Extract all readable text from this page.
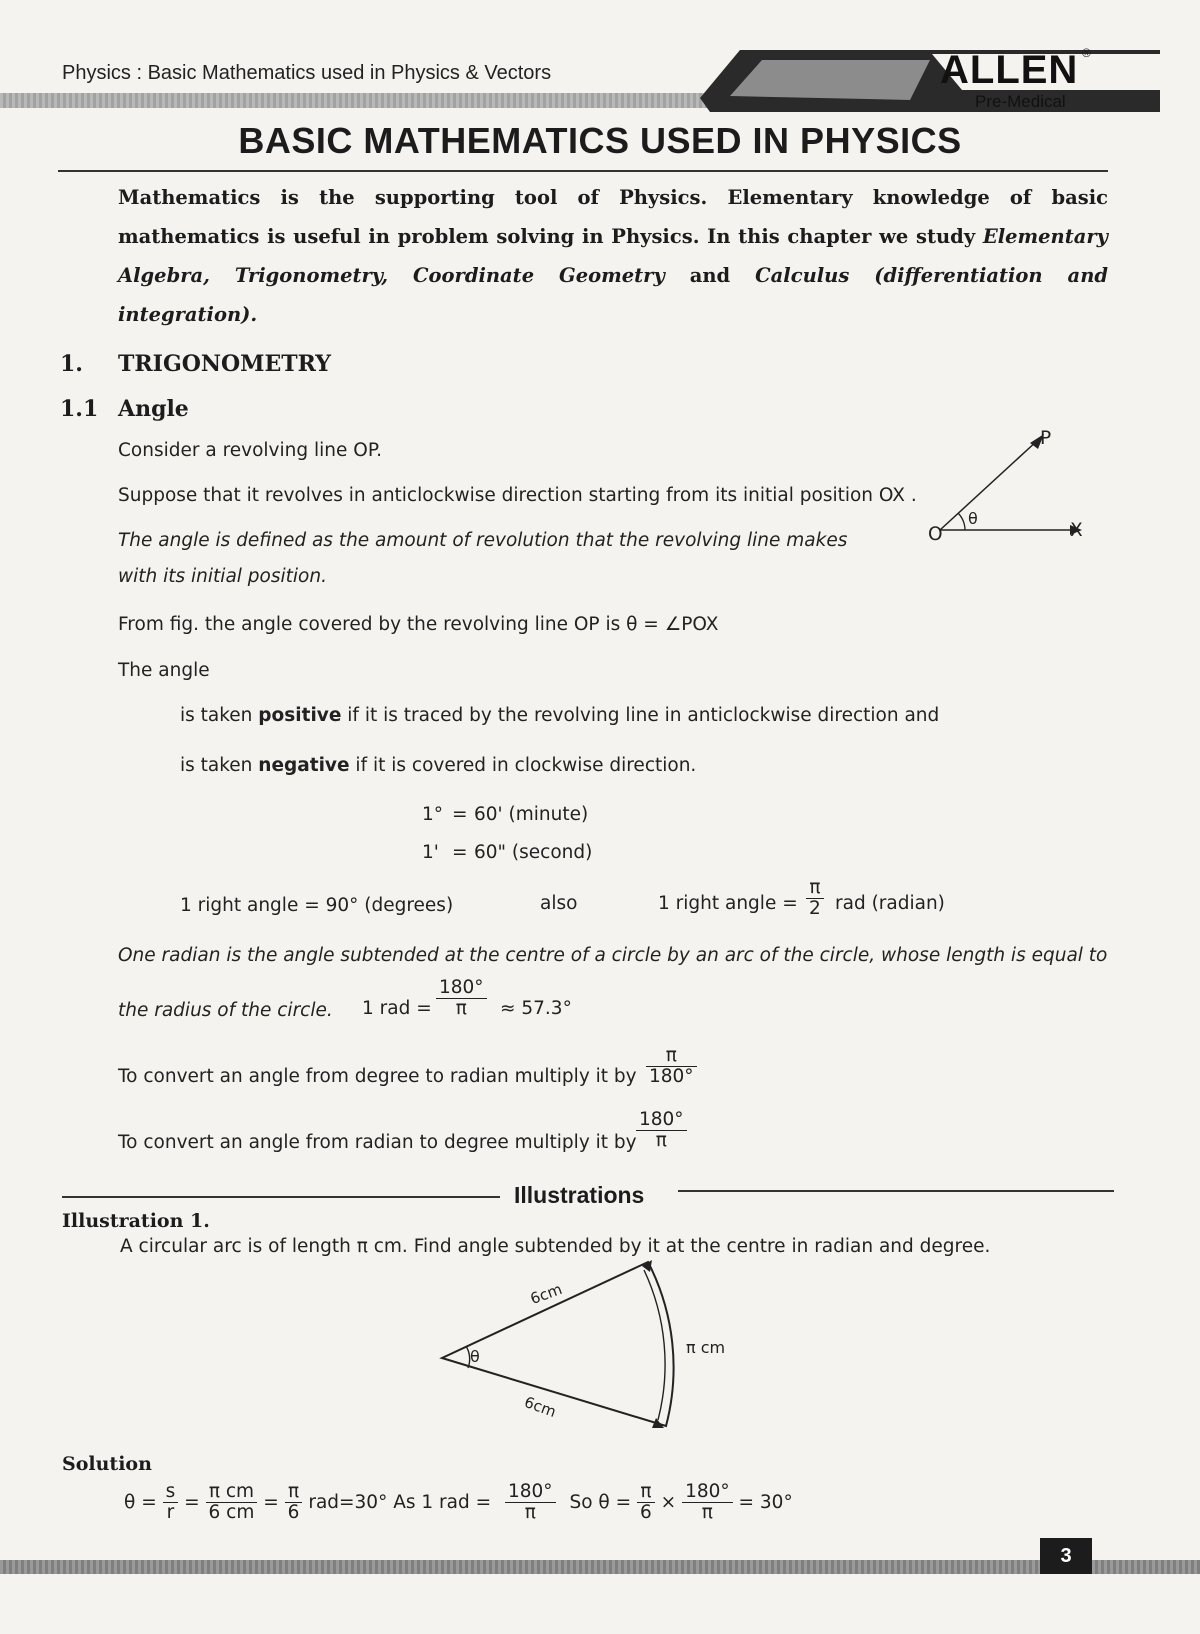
Physics : Basic Mathematics used in Physics & Vectors	ALLEN ®
Pre-Medical
BASIC MATHEMATICS USED IN PHYSICS
Mathematics is the supporting tool of Physics. Elementary knowledge of basic mathematics is useful in problem solving in Physics. In this chapter we study Elementary Algebra, Trigonometry, Coordinate Geometry and Calculus (differentiation and integration).
1. TRIGONOMETRY
1.1 Angle
Consider a revolving line OP.
Suppose that it revolves in anticlockwise direction starting from its initial position OX .
The angle is defined as the amount of revolution that the revolving line makes
with its initial position.
From fig. the angle covered by the revolving line OP is θ = ∠POX
The angle
is taken positive if it is traced by the revolving line in anticlockwise direction and
is taken negative if it is covered in clockwise direction.
P
O	X
θ
1° = 60' (minute)
1' = 60" (second)
1 right angle = 90° (degrees)	also	1 right angle = $\frac{\pi}{2}$ rad (radian)
One radian is the angle subtended at the centre of a circle by an arc of the circle, whose length is equal to
the radius of the circle. 1 rad = $\frac{180^\circ}{\pi} \approx 57.3^\circ$
To convert an angle from degree to radian multiply it by $\frac{\pi}{180^\circ}$
To convert an angle from radian to degree multiply it by $\frac{180^\circ}{\pi}$
Illustrations
Illustration 1.
A circular arc is of length π cm. Find angle subtended by it at the centre in radian and degree.
6cm
6cm
π cm
θ
Solution
$\theta = \frac{s}{r} = \frac{\text{π cm}}{6 cm} = \frac{\pi}{6} rad=30^\circ$ As 1 rad = $\frac{180^\circ}{\pi}$ So $\theta = \frac{\pi}{6} \times \frac{180^\circ}{\pi} = 30^\circ$
3
